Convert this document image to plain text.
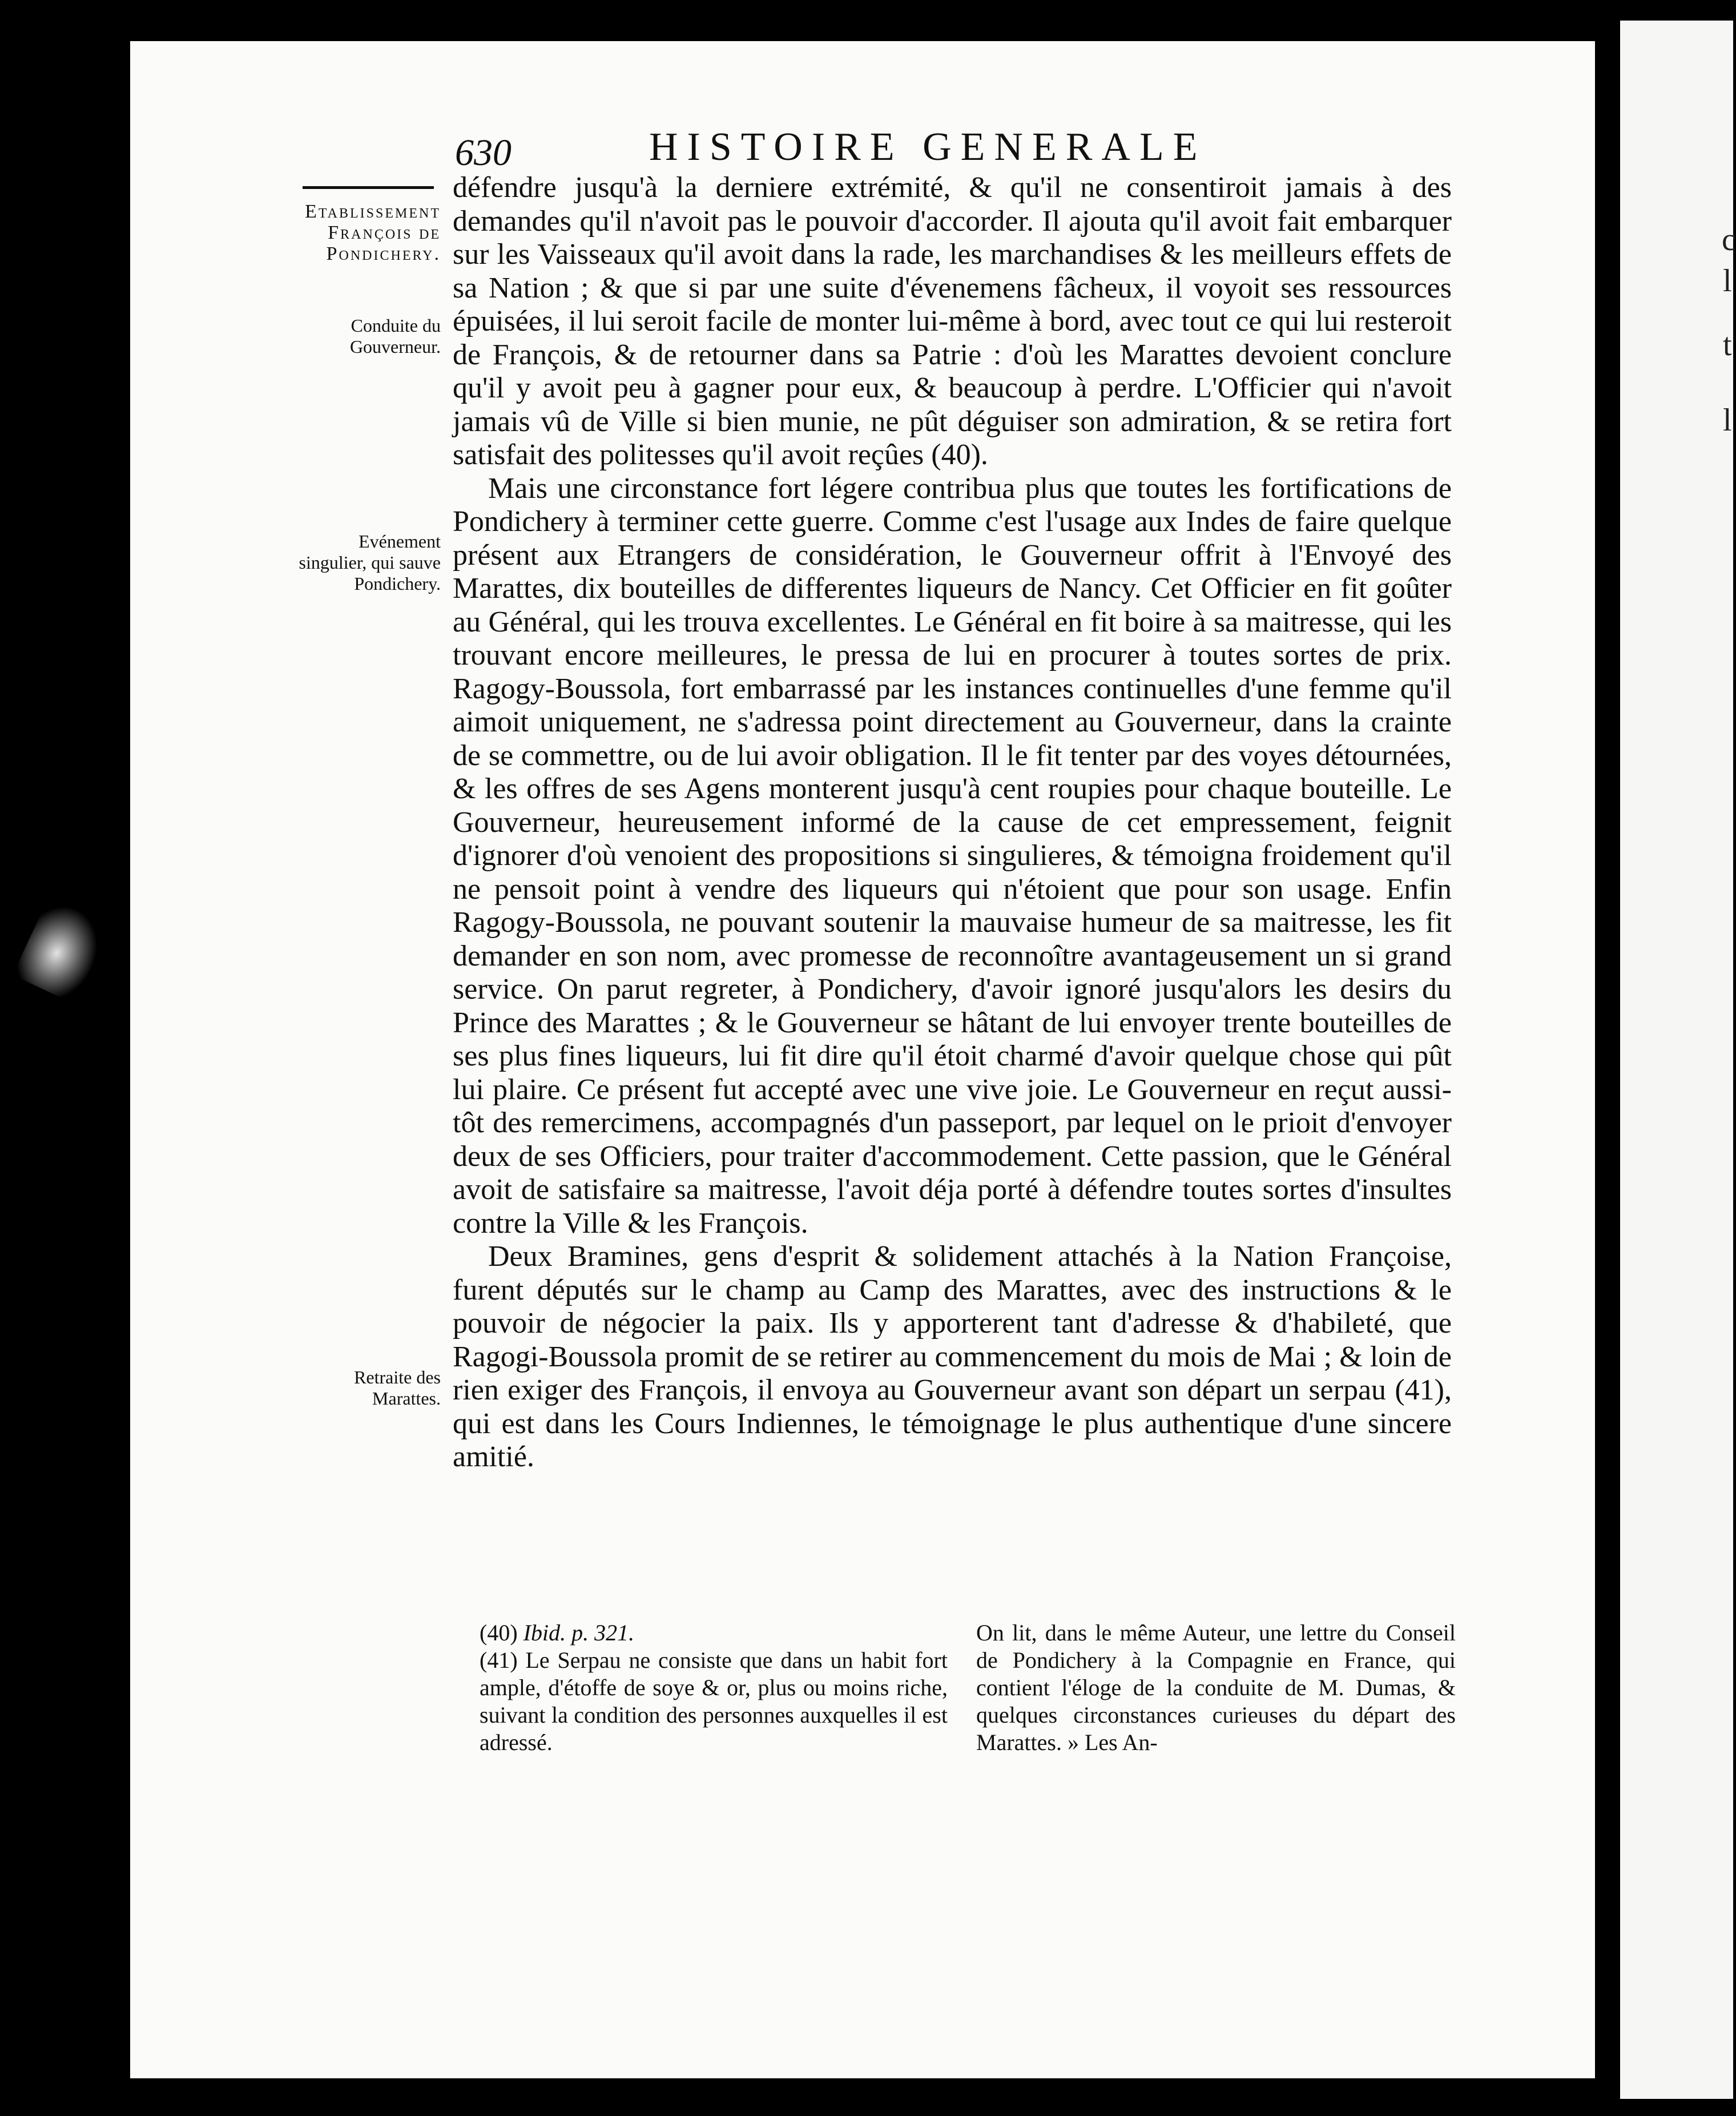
c
l
t
l
630	HISTOIRE GENERALE
Etablissement François de Pondichery.
Conduite du Gouverneur.
Evénement singulier, qui sauve Pondichery.
Retraite des Marattes.

défendre jusqu'à la derniere extrémité, & qu'il ne consentiroit jamais à des demandes qu'il n'avoit pas le pouvoir d'accorder. Il ajouta qu'il avoit fait embarquer sur les Vaisseaux qu'il avoit dans la rade, les marchandises & les meilleurs effets de sa Nation ; & que si par une suite d'évenemens fâcheux, il voyoit ses ressources épuisées, il lui seroit facile de monter lui-même à bord, avec tout ce qui lui resteroit de François, & de retourner dans sa Patrie : d'où les Marattes devoient conclure qu'il y avoit peu à gagner pour eux, & beaucoup à perdre. L'Officier qui n'avoit jamais vû de Ville si bien munie, ne pût déguiser son admiration, & se retira fort satisfait des politesses qu'il avoit reçûes (40).

Mais une circonstance fort légere contribua plus que toutes les fortifications de Pondichery à terminer cette guerre. Comme c'est l'usage aux Indes de faire quelque présent aux Etrangers de considération, le Gouverneur offrit à l'Envoyé des Marattes, dix bouteilles de differentes liqueurs de Nancy. Cet Officier en fit goûter au Général, qui les trouva excellentes. Le Général en fit boire à sa maitresse, qui les trouvant encore meilleures, le pressa de lui en procurer à toutes sortes de prix. Ragogy-Boussola, fort embarrassé par les instances continuelles d'une femme qu'il aimoit uniquement, ne s'adressa point directement au Gouverneur, dans la crainte de se commettre, ou de lui avoir obligation. Il le fit tenter par des voyes détournées, & les offres de ses Agens monterent jusqu'à cent roupies pour chaque bouteille. Le Gouverneur, heureusement informé de la cause de cet empressement, feignit d'ignorer d'où venoient des propositions si singulieres, & témoigna froidement qu'il ne pensoit point à vendre des liqueurs qui n'étoient que pour son usage. Enfin Ragogy-Boussola, ne pouvant soutenir la mauvaise humeur de sa maitresse, les fit demander en son nom, avec promesse de reconnoître avantageusement un si grand service. On parut regreter, à Pondichery, d'avoir ignoré jusqu'alors les desirs du Prince des Marattes ; & le Gouverneur se hâtant de lui envoyer trente bouteilles de ses plus fines liqueurs, lui fit dire qu'il étoit charmé d'avoir quelque chose qui pût lui plaire. Ce présent fut accepté avec une vive joie. Le Gouverneur en reçut aussi-tôt des remercimens, accompagnés d'un passeport, par lequel on le prioit d'envoyer deux de ses Officiers, pour traiter d'accommodement. Cette passion, que le Général avoit de satisfaire sa maitresse, l'avoit déja porté à défendre toutes sortes d'insultes contre la Ville & les François.

Deux Bramines, gens d'esprit & solidement attachés à la Nation Françoise, furent députés sur le champ au Camp des Marattes, avec des instructions & le pouvoir de négocier la paix. Ils y apporterent tant d'adresse & d'habileté, que Ragogi-Boussola promit de se retirer au commencement du mois de Mai ; & loin de rien exiger des François, il envoya au Gouverneur avant son départ un serpau (41), qui est dans les Cours Indiennes, le témoignage le plus authentique d'une sincere amitié.

(40) Ibid. p. 321.

(41) Le Serpau ne consiste que dans un habit fort ample, d'étoffe de soye & or, plus ou moins riche, suivant la condition des personnes auxquelles il est adressé.

On lit, dans le même Auteur, une lettre du Conseil de Pondichery à la Compagnie en France, qui contient l'éloge de la conduite de M. Dumas, & quelques circonstances curieuses du départ des Marattes. » Les An-
